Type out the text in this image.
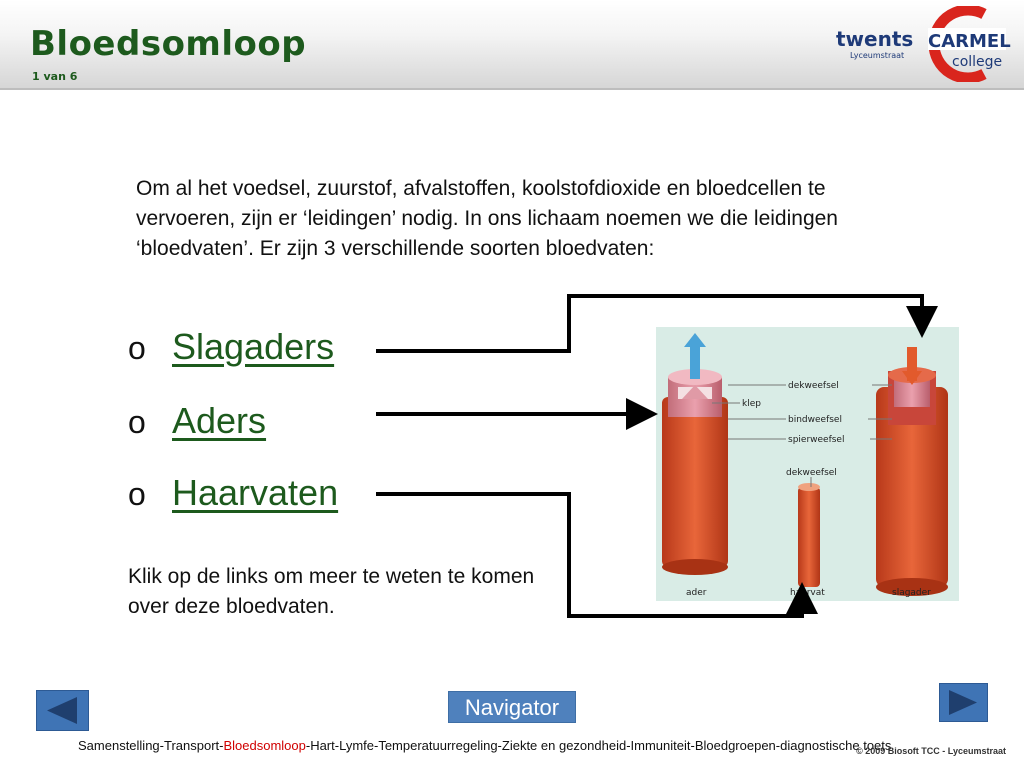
Bloedsomloop
1 van 6
twents CARMEL
college
Lyceumstraat
Om al het voedsel, zuurstof, afvalstoffen, koolstofdioxide en bloedcellen te vervoeren, zijn er ‘leidingen’ nodig. In ons lichaam noemen we die leidingen ‘bloedvaten’. Er zijn 3 verschillende soorten bloedvaten:
o Slagaders
o Aders
o Haarvaten
Klik op de links om meer te weten te komen over deze bloedvaten.
dekweefsel
klep
bindweefsel
spierweefsel
dekweefsel
ader	haarvat	slagader
Navigator
Samenstelling-Transport-Bloedsomloop-Hart-Lymfe-Temperatuurregeling-Ziekte en gezondheid-Immuniteit-Bloedgroepen-diagnostische toets
© 2009 Biosoft TCC - Lyceumstraat
